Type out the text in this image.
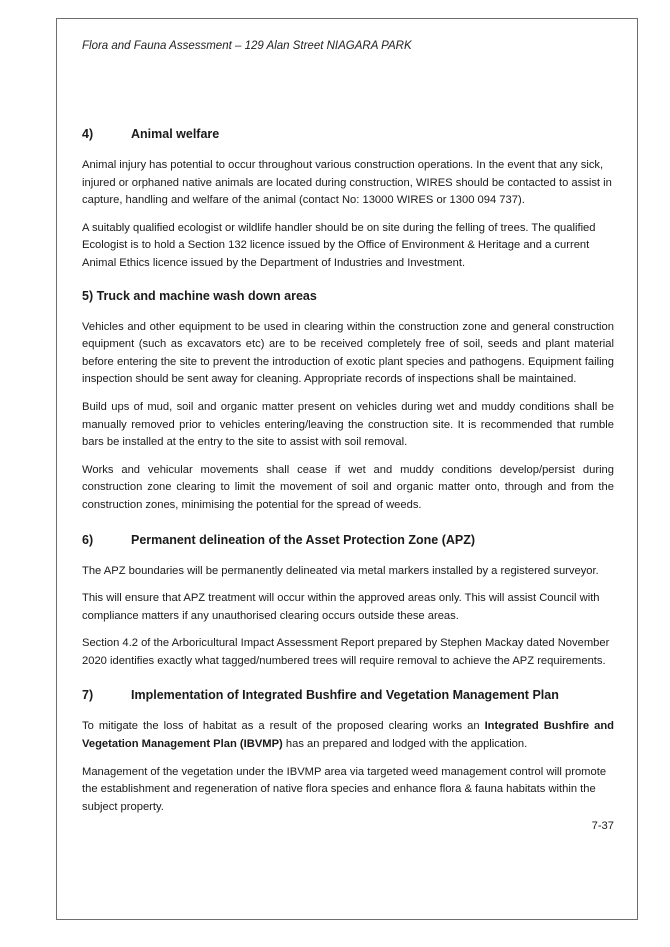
Flora and Fauna Assessment – 129 Alan Street NIAGARA PARK
4)	Animal welfare

Animal injury has potential to occur throughout various construction operations. In the event that any sick, injured or orphaned native animals are located during construction, WIRES should be contacted to assist in capture, handling and welfare of the animal (contact No: 13000 WIRES or 1300 094 737).

A suitably qualified ecologist or wildlife handler should be on site during the felling of trees. The qualified Ecologist is to hold a Section 132 licence issued by the Office of Environment & Heritage and a current Animal Ethics licence issued by the Department of Industries and Investment.

5) Truck and machine wash down areas

Vehicles and other equipment to be used in clearing within the construction zone and general construction equipment (such as excavators etc) are to be received completely free of soil, seeds and plant material before entering the site to prevent the introduction of exotic plant species and pathogens. Equipment failing inspection should be sent away for cleaning. Appropriate records of inspections shall be maintained.

Build ups of mud, soil and organic matter present on vehicles during wet and muddy conditions shall be manually removed prior to vehicles entering/leaving the construction site. It is recommended that rumble bars be installed at the entry to the site to assist with soil removal.

Works and vehicular movements shall cease if wet and muddy conditions develop/persist during construction zone clearing to limit the movement of soil and organic matter onto, through and from the construction zones, minimising the potential for the spread of weeds.

6)	Permanent delineation of the Asset Protection Zone (APZ)

The APZ boundaries will be permanently delineated via metal markers installed by a registered surveyor.

This will ensure that APZ treatment will occur within the approved areas only. This will assist Council with compliance matters if any unauthorised clearing occurs outside these areas.

Section 4.2 of the Arboricultural Impact Assessment Report prepared by Stephen Mackay dated November 2020 identifies exactly what tagged/numbered trees will require removal to achieve the APZ requirements.

7)	Implementation of Integrated Bushfire and Vegetation Management Plan

To mitigate the loss of habitat as a result of the proposed clearing works an Integrated Bushfire and Vegetation Management Plan (IBVMP) has an prepared and lodged with the application.

Management of the vegetation under the IBVMP area via targeted weed management control will promote the establishment and regeneration of native flora species and enhance flora & fauna habitats within the subject property.

7-37
